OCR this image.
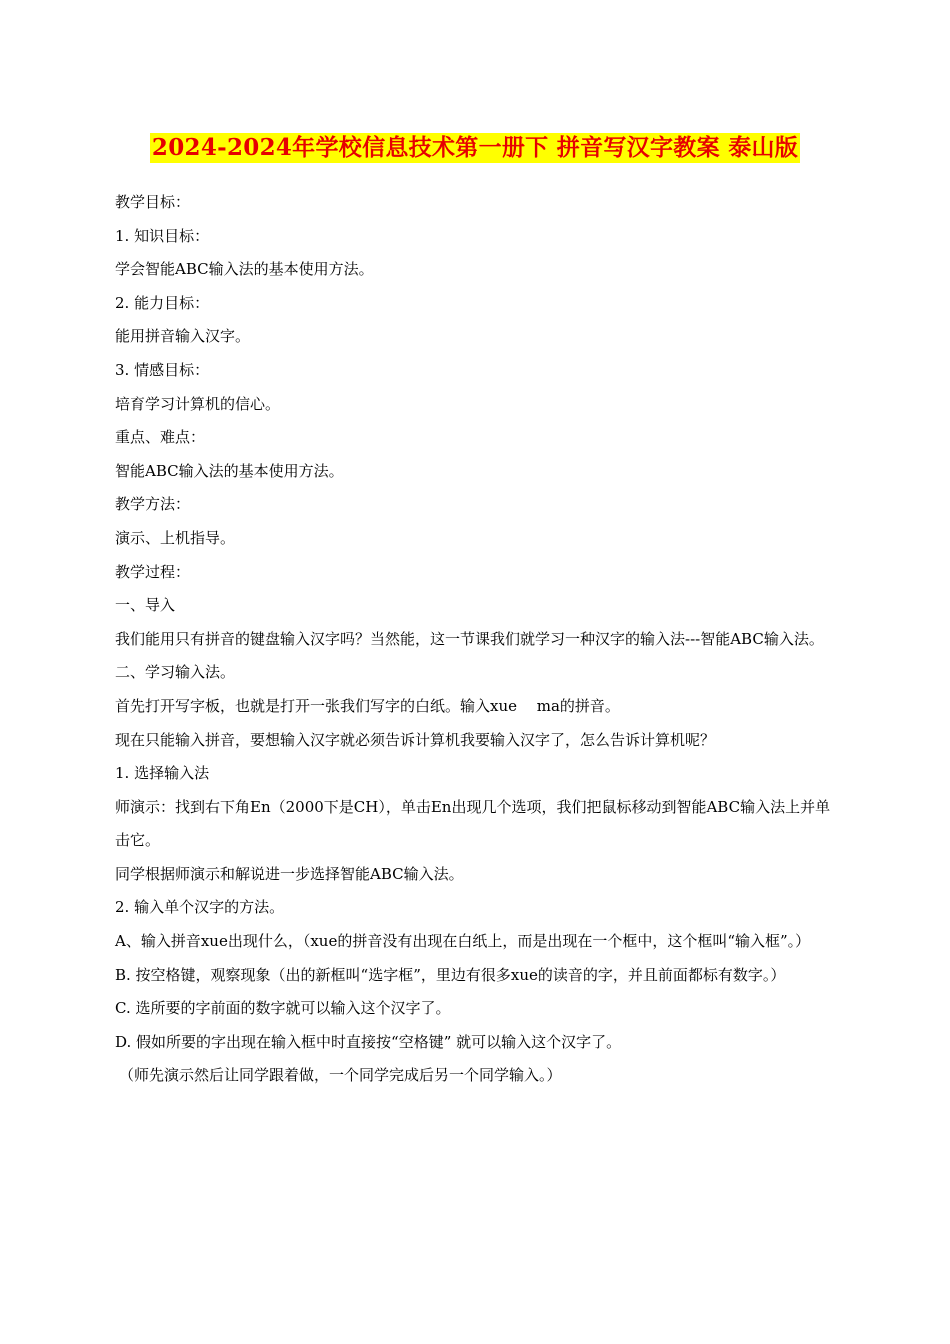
2024-2024年学校信息技术第一册下 拼音写汉字教案 泰山版

教学目标：

1. 知识目标：

学会智能ABC输入法的基本使用方法。

2. 能力目标：

能用拼音输入汉字。

3. 情感目标：

培育学习计算机的信心。

重点、难点：

智能ABC输入法的基本使用方法。

教学方法：

演示、上机指导。

教学过程：

一、导入

我们能用只有拼音的键盘输入汉字吗？当然能，这一节课我们就学习一种汉字的输入法---智能ABC输入法。

二、学习输入法。

首先打开写字板，也就是打开一张我们写字的白纸。输入xue　 ma的拼音。

现在只能输入拼音，要想输入汉字就必须告诉计算机我要输入汉字了，怎么告诉计算机呢？

1. 选择输入法

师演示：找到右下角En（2000下是CH），单击En出现几个选项，我们把鼠标移动到智能ABC输入法上并单击它。

同学根据师演示和解说进一步选择智能ABC输入法。

2. 输入单个汉字的方法。

A、输入拼音xue出现什么，（xue的拼音没有出现在白纸上，而是出现在一个框中，这个框叫“输入框”。）

B. 按空格键，观察现象（出的新框叫“选字框”，里边有很多xue的读音的字，并且前面都标有数字。）

C. 选所要的字前面的数字就可以输入这个汉字了。

D. 假如所要的字出现在输入框中时直接按“空格键” 就可以输入这个汉字了。

（师先演示然后让同学跟着做，一个同学完成后另一个同学输入。）
